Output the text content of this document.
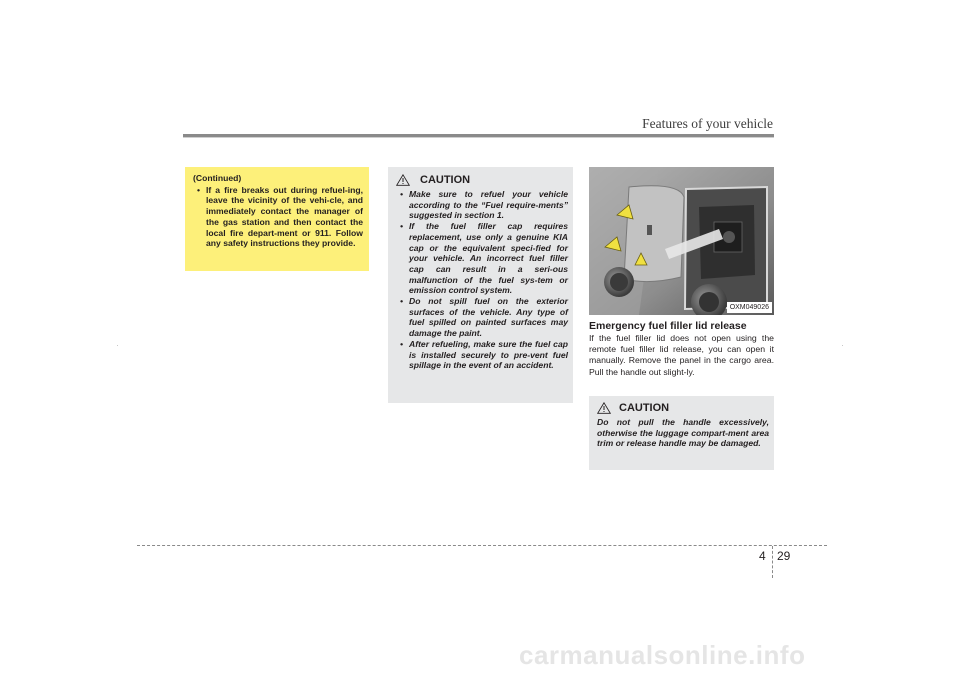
Features of your vehicle
(Continued)
• If a fire breaks out during refuel-ing, leave the vicinity of the vehi-cle, and immediately contact the manager of the gas station and then contact the local fire depart-ment or 911. Follow any safety instructions they provide.
CAUTION
• Make sure to refuel your vehicle according to the “Fuel require-ments” suggested in section 1.
• If the fuel filler cap requires replacement, use only a genuine KIA cap or the equivalent speci-fied for your vehicle. An incorrect fuel filler cap can result in a seri-ous malfunction of the fuel sys-tem or emission control system.
• Do not spill fuel on the exterior surfaces of the vehicle. Any type of fuel spilled on painted surfaces may damage the paint.
• After refueling, make sure the fuel cap is installed securely to pre-vent fuel spillage in the event of an accident.
OXM049026
Emergency fuel filler lid release
If the fuel filler lid does not open using the remote fuel filler lid release, you can open it manually. Remove the panel in the cargo area. Pull the handle out slight-ly.
CAUTION
Do not pull the handle excessively, otherwise the luggage compart-ment area trim or release handle may be damaged.
4 29
carmanualsonline.info
